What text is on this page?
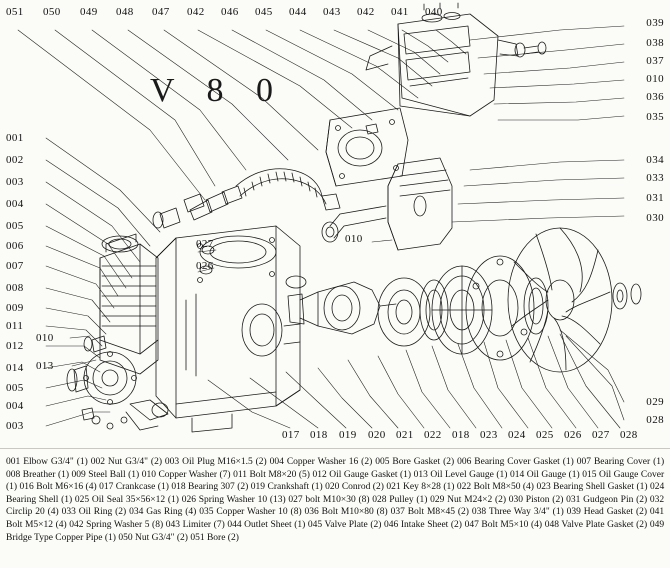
V 8 0
051 050 049 048 047 042 046 045 044 043 042 041 040
001
002
003
004
005
006
007
008
009
011
012
014
005
004
003
010
013
039
038
037
010
036
035
034
033
031
030
029
028
027
026
010
017 018 019 020 021 022 018 023 024 025 026 027 028
001 Elbow G3/4" (1) 002 Nut G3/4" (2) 003 Oil Plug M16×1.5 (2) 004 Copper Washer 16 (2) 005 Bore Gasket (2) 006 Bearing Cover Gasket (1) 007 Bearing Cover (1) 008 Breather (1) 009 Steel Ball (1) 010 Copper Washer (7) 011 Bolt M8×20 (5) 012 Oil Gauge Gasket (1) 013 Oil Level Gauge (1) 014 Oil Gauge (1) 015 Oil Gauge Cover (1) 016 Bolt M6×16 (4) 017 Crankcase (1) 018 Bearing 307 (2) 019 Crankshaft (1) 020 Conrod (2) 021 Key 8×28 (1) 022 Bolt M8×50 (4) 023 Bearing Shell Gasket (1) 024 Bearing Shell (1) 025 Oil Seal 35×56×12 (1) 026 Spring Washer 10 (13) 027 bolt M10×30 (8) 028 Pulley (1) 029 Nut M24×2 (2) 030 Piston (2) 031 Gudgeon Pin (2) 032 Circlip 20 (4) 033 Oil Ring (2) 034 Gas Ring (4) 035 Copper Washer 10 (8) 036 Bolt M10×80 (8) 037 Bolt M8×45 (2) 038 Three Way 3/4" (1) 039 Head Gasket (2) 041 Bolt M5×12 (4) 042 Spring Washer 5 (8) 043 Limiter (7) 044 Outlet Sheet (1) 045 Valve Plate (2) 046 Intake Sheet (2) 047 Bolt M5×10 (4) 048 Valve Plate Gasket (2) 049 Bridge Type Copper Pipe (1) 050 Nut G3/4" (2) 051 Bore (2)
